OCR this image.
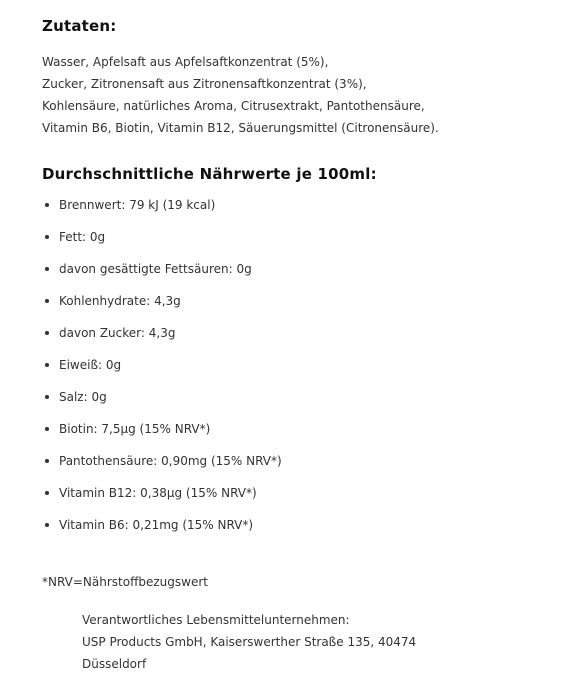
Zutaten:
Wasser, Apfelsaft aus Apfelsaftkonzentrat (5%),
Zucker, Zitronensaft aus Zitronensaftkonzentrat (3%),
Kohlensäure, natürliches Aroma, Citrusextrakt, Pantothensäure,
Vitamin B6, Biotin, Vitamin B12, Säuerungsmittel (Citronensäure).
Durchschnittliche Nährwerte je 100ml:
Brennwert: 79 kJ (19 kcal)
Fett: 0g
davon gesättigte Fettsäuren: 0g
Kohlenhydrate: 4,3g
davon Zucker: 4,3g
Eiweiß: 0g
Salz: 0g
Biotin: 7,5µg (15% NRV*)
Pantothensäure: 0,90mg (15% NRV*)
Vitamin B12: 0,38µg (15% NRV*)
Vitamin B6: 0,21mg (15% NRV*)
*NRV=Nährstoffbezugswert
Verantwortliches Lebensmittelunternehmen:
USP Products GmbH, Kaiserswerther Straße 135, 40474
Düsseldorf
